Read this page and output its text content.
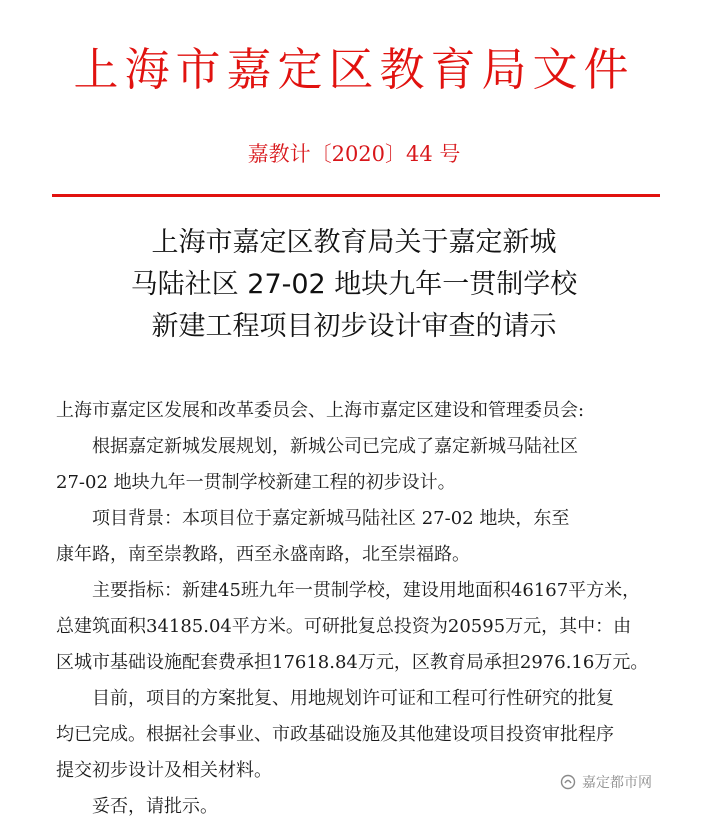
上海市嘉定区教育局文件
嘉教计〔2020〕44 号
上海市嘉定区教育局关于嘉定新城
马陆社区 27-02 地块九年一贯制学校
新建工程项目初步设计审查的请示
上海市嘉定区发展和改革委员会、上海市嘉定区建设和管理委员会:
根据嘉定新城发展规划，新城公司已完成了嘉定新城马陆社区
27-02 地块九年一贯制学校新建工程的初步设计。
项目背景：本项目位于嘉定新城马陆社区 27-02 地块，东至
康年路，南至崇教路，西至永盛南路，北至崇福路。
主要指标：新建45班九年一贯制学校，建设用地面积46167平方米，
总建筑面积34185.04平方米。可研批复总投资为20595万元，其中：由
区城市基础设施配套费承担17618.84万元，区教育局承担2976.16万元。
目前，项目的方案批复、用地规划许可证和工程可行性研究的批复
均已完成。根据社会事业、市政基础设施及其他建设项目投资审批程序
提交初步设计及相关材料。
妥否，请批示。
嘉定都市网
